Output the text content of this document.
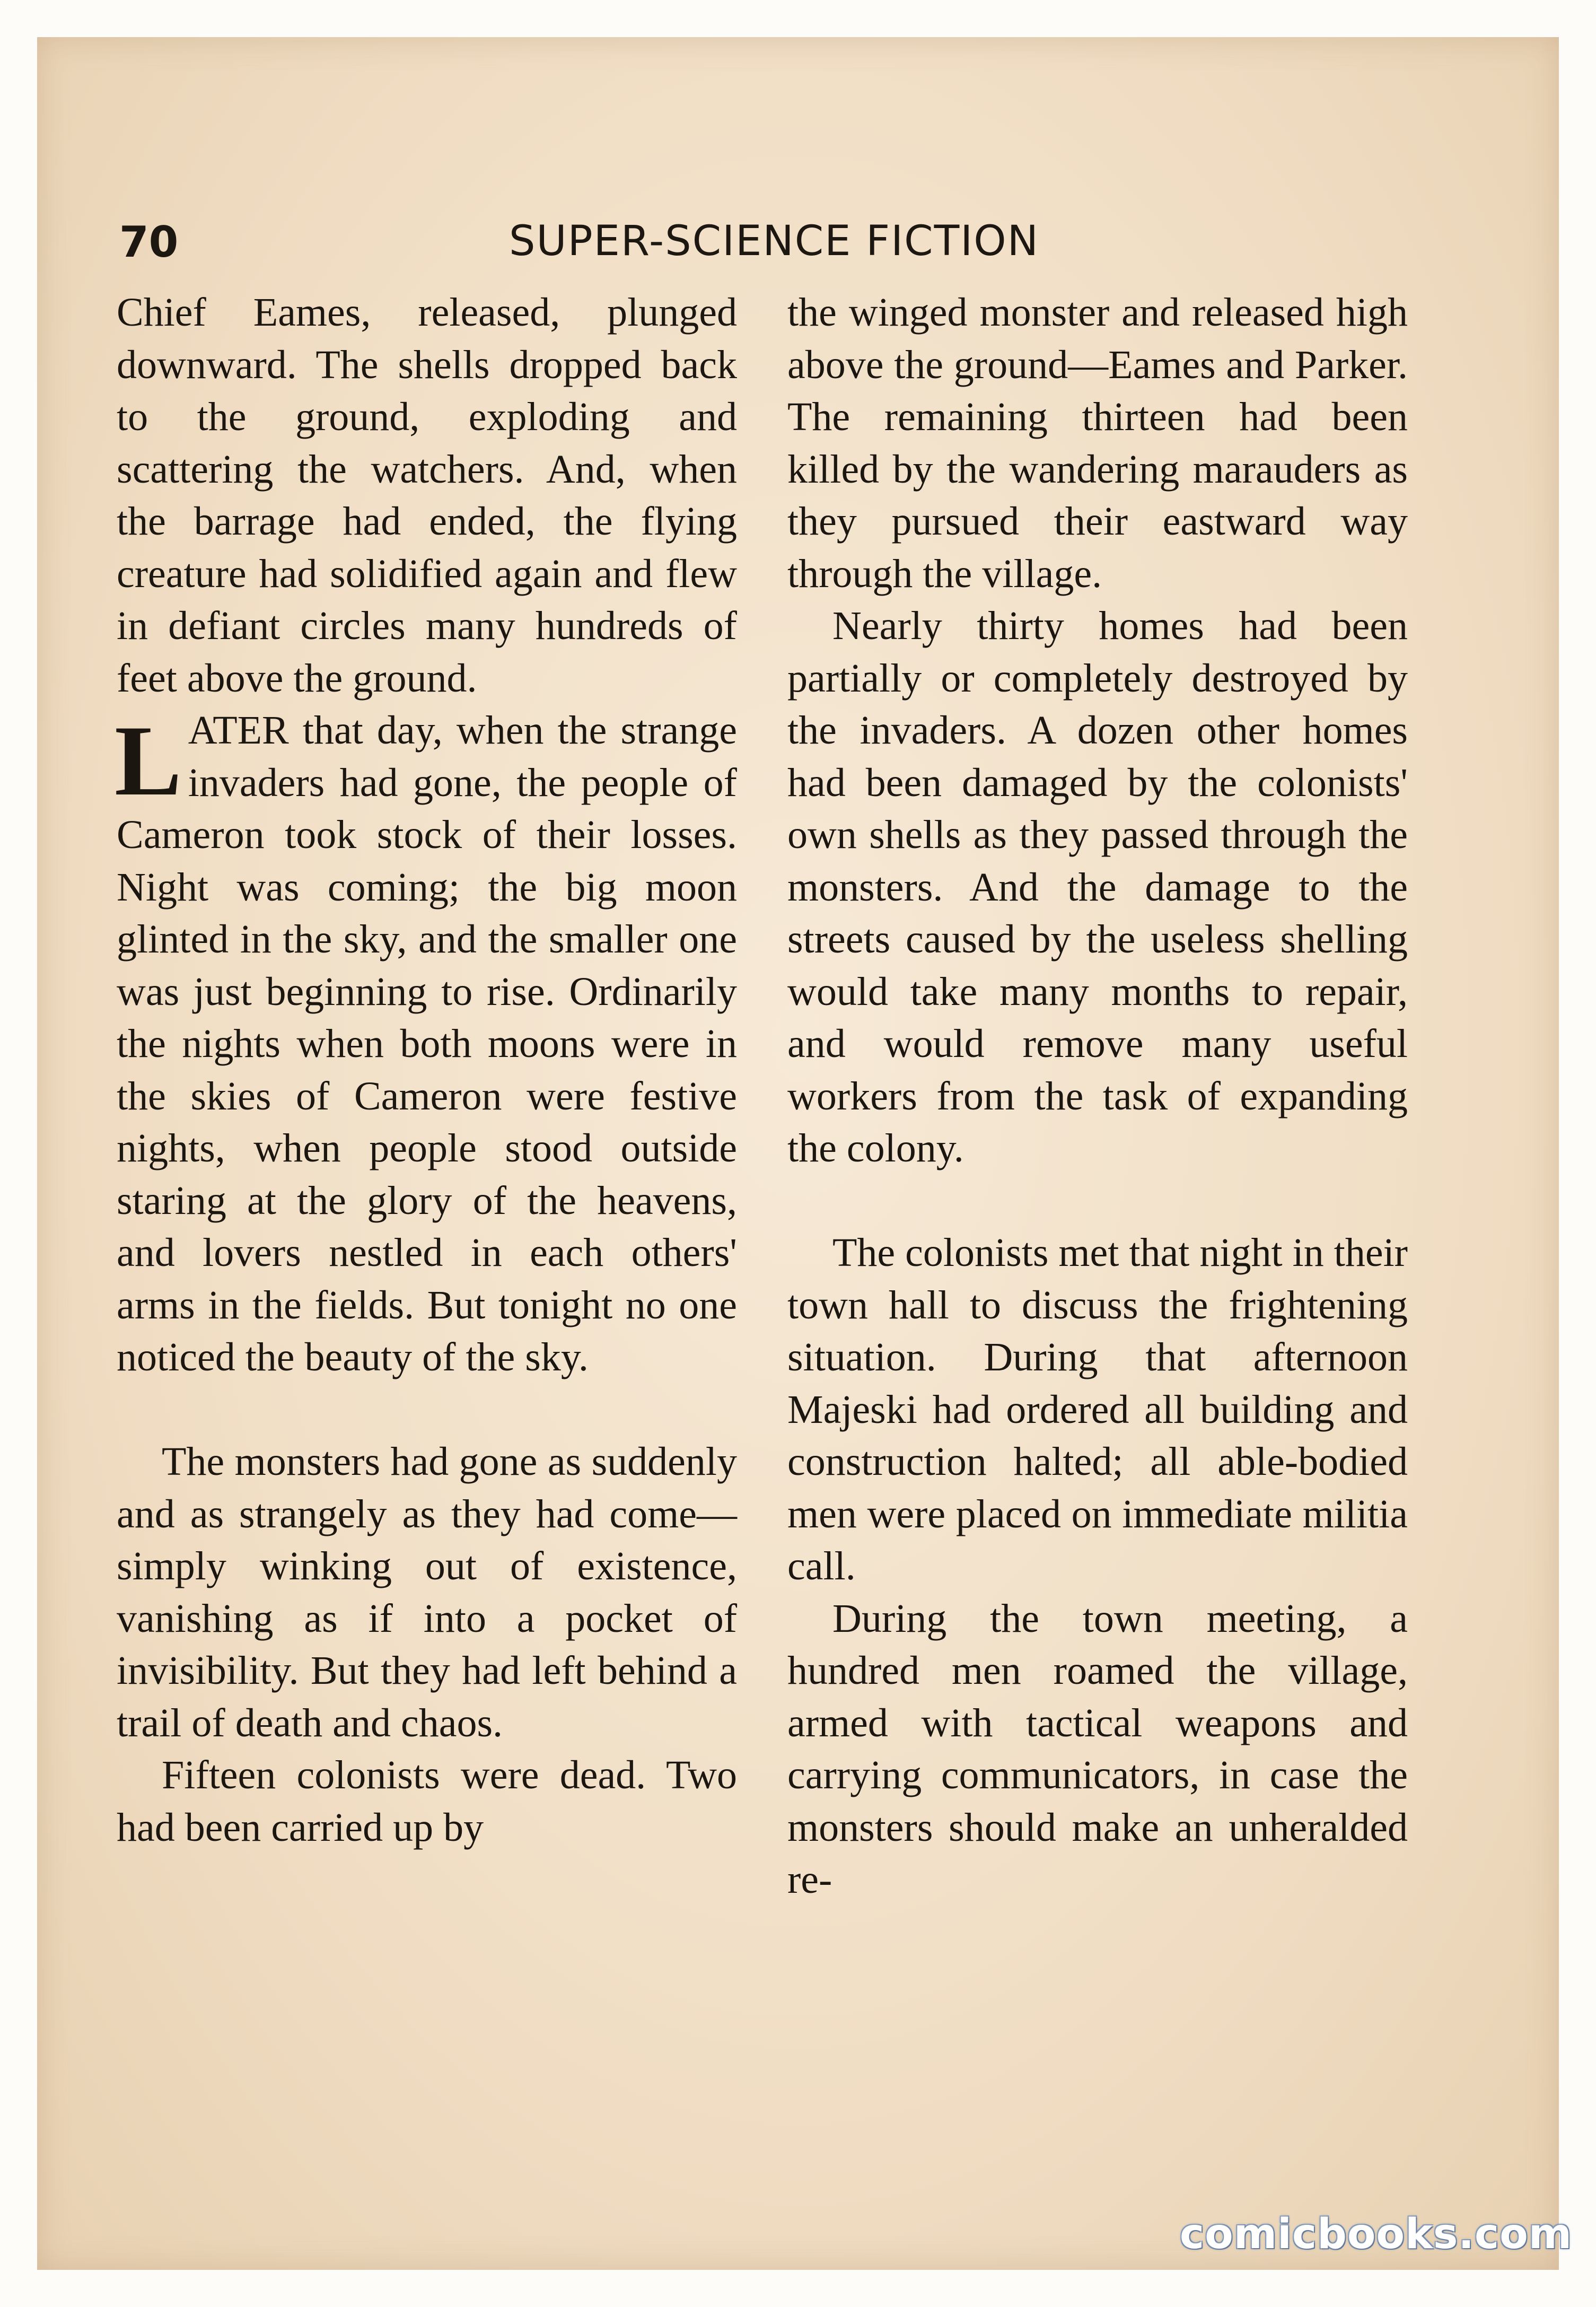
70	SUPER-SCIENCE FICTION

Chief Eames, released, plunged downward. The shells dropped back to the ground, exploding and scattering the watchers. And, when the barrage had ended, the flying creature had solidified again and flew in defiant circles many hundreds of feet above the ground.

LATER that day, when the strange invaders had gone, the people of Cameron took stock of their losses. Night was coming; the big moon glinted in the sky, and the smaller one was just beginning to rise. Ordinarily the nights when both moons were in the skies of Cameron were festive nights, when people stood outside staring at the glory of the heavens, and lovers nestled in each others' arms in the fields. But tonight no one noticed the beauty of the sky.

The monsters had gone as suddenly and as strangely as they had come—simply winking out of existence, vanishing as if into a pocket of invisibility. But they had left behind a trail of death and chaos.

Fifteen colonists were dead. Two had been carried up by

the winged monster and released high above the ground—Eames and Parker. The remaining thirteen had been killed by the wandering marauders as they pursued their eastward way through the village.

Nearly thirty homes had been partially or completely destroyed by the invaders. A dozen other homes had been damaged by the colonists' own shells as they passed through the monsters. And the damage to the streets caused by the useless shelling would take many months to repair, and would remove many useful workers from the task of expanding the colony.

The colonists met that night in their town hall to discuss the frightening situation. During that afternoon Majeski had ordered all building and construction halted; all able-bodied men were placed on immediate militia call.

During the town meeting, a hundred men roamed the village, armed with tactical weapons and carrying communicators, in case the monsters should make an unheralded re-

comicbooks.com
